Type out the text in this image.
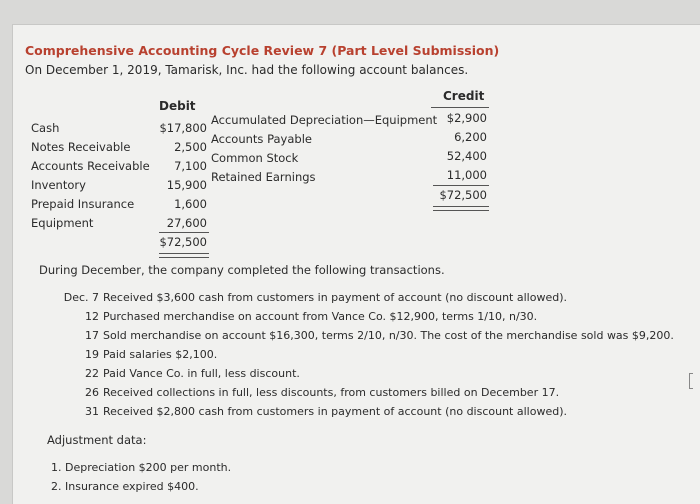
Comprehensive Accounting Cycle Review 7 (Part Level Submission)
On December 1, 2019, Tamarisk, Inc. had the following account balances.
Debit
Cash
Notes Receivable
Accounts Receivable
Inventory
Prepaid Insurance
Equipment
$17,800
2,500
7,100
15,900
1,600
27,600
$72,500
Credit
Accumulated Depreciation—Equipment
Accounts Payable
Common Stock
Retained Earnings
$2,900
6,200
52,400
11,000
$72,500
During December, the company completed the following transactions.
Dec. 7 Received $3,600 cash from customers in payment of account (no discount allowed).
12 Purchased merchandise on account from Vance Co. $12,900, terms 1/10, n/30.
17 Sold merchandise on account $16,300, terms 2/10, n/30. The cost of the merchandise sold was $9,200.
19 Paid salaries $2,100.
22 Paid Vance Co. in full, less discount.
26 Received collections in full, less discounts, from customers billed on December 17.
31 Received $2,800 cash from customers in payment of account (no discount allowed).
Adjustment data:
1. Depreciation $200 per month.
2. Insurance expired $400.
